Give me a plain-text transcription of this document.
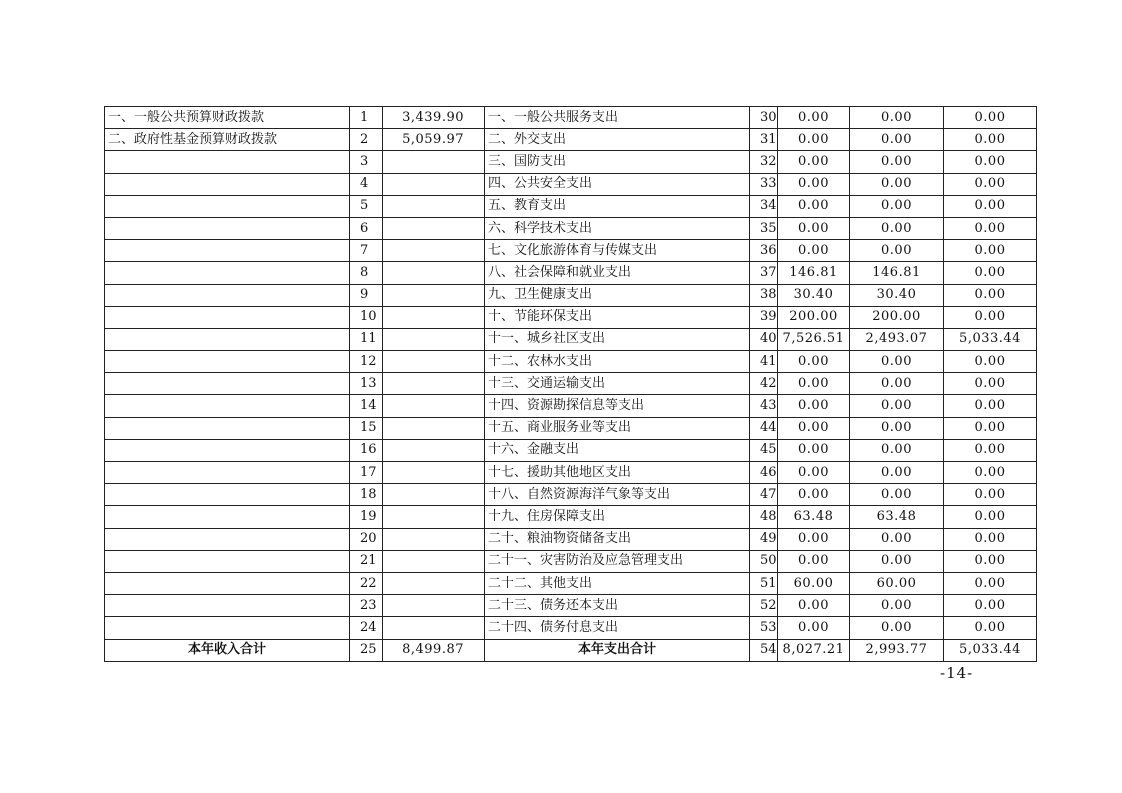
一、一般公共预算财政拨款	1	3,439.90	一、一般公共服务支出	30	0.00	0.00	0.00
二、政府性基金预算财政拨款	2	5,059.97	二、外交支出	31	0.00	0.00	0.00
	3		三、国防支出	32	0.00	0.00	0.00
	4		四、公共安全支出	33	0.00	0.00	0.00
	5		五、教育支出	34	0.00	0.00	0.00
	6		六、科学技术支出	35	0.00	0.00	0.00
	7		七、文化旅游体育与传媒支出	36	0.00	0.00	0.00
	8		八、社会保障和就业支出	37	146.81	146.81	0.00
	9		九、卫生健康支出	38	30.40	30.40	0.00
	10		十、节能环保支出	39	200.00	200.00	0.00
	11		十一、城乡社区支出	40	7,526.51	2,493.07	5,033.44
	12		十二、农林水支出	41	0.00	0.00	0.00
	13		十三、交通运输支出	42	0.00	0.00	0.00
	14		十四、资源勘探信息等支出	43	0.00	0.00	0.00
	15		十五、商业服务业等支出	44	0.00	0.00	0.00
	16		十六、金融支出	45	0.00	0.00	0.00
	17		十七、援助其他地区支出	46	0.00	0.00	0.00
	18		十八、自然资源海洋气象等支出	47	0.00	0.00	0.00
	19		十九、住房保障支出	48	63.48	63.48	0.00
	20		二十、粮油物资储备支出	49	0.00	0.00	0.00
	21		二十一、灾害防治及应急管理支出	50	0.00	0.00	0.00
	22		二十二、其他支出	51	60.00	60.00	0.00
	23		二十三、债务还本支出	52	0.00	0.00	0.00
	24		二十四、债务付息支出	53	0.00	0.00	0.00
本年收入合计	25	8,499.87	本年支出合计	54	8,027.21	2,993.77	5,033.44
-14-
